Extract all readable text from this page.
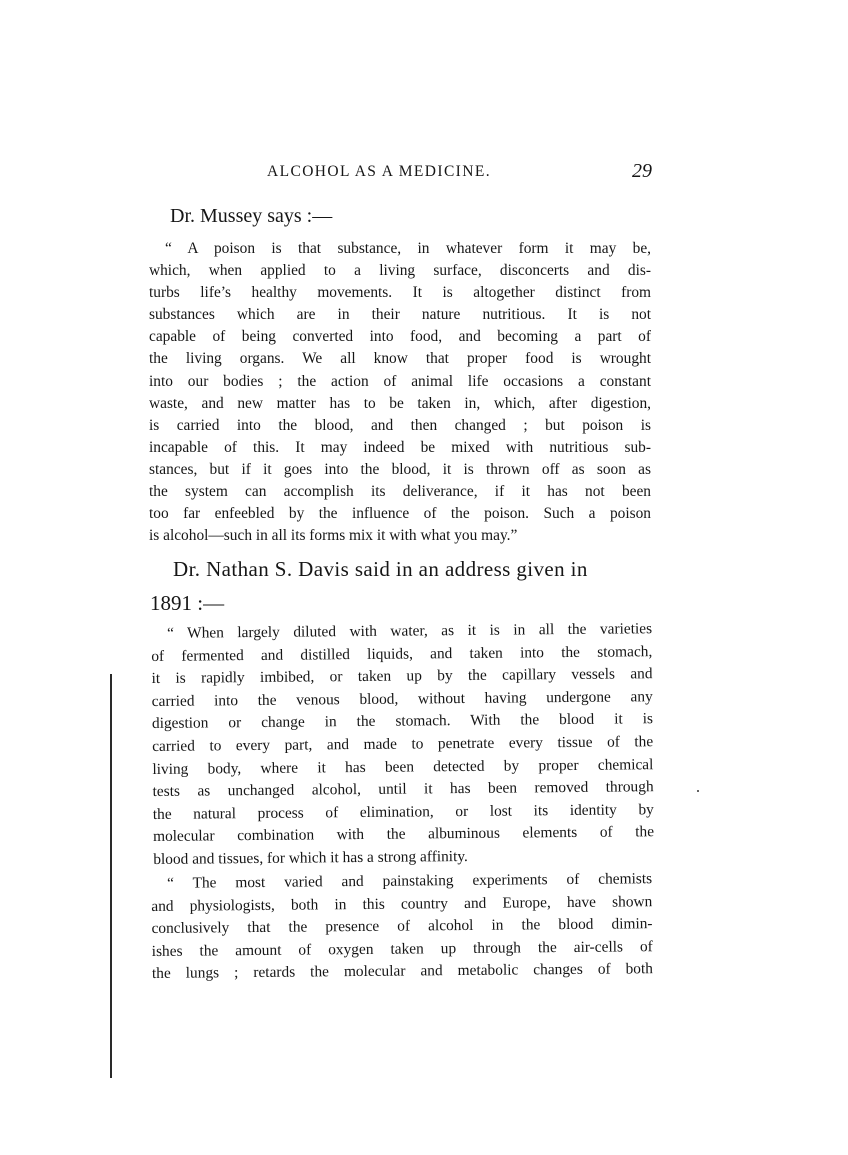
ALCOHOL AS A MEDICINE.	29
Dr. Mussey says :—

“ A poison is that substance, in whatever form it may be,
which, when applied to a living surface, disconcerts and dis-
turbs life’s healthy movements. It is altogether distinct from
substances which are in their nature nutritious. It is not
capable of being converted into food, and becoming a part of
the living organs. We all know that proper food is wrought
into our bodies ; the action of animal life occasions a constant
waste, and new matter has to be taken in, which, after digestion,
is carried into the blood, and then changed ; but poison is
incapable of this. It may indeed be mixed with nutritious sub-
stances, but if it goes into the blood, it is thrown off as soon as
the system can accomplish its deliverance, if it has not been
too far enfeebled by the influence of the poison. Such a poison
is alcohol—such in all its forms mix it with what you may.”

Dr. Nathan S. Davis said in an address given in
1891 :—

“ When largely diluted with water, as it is in all the varieties
of fermented and distilled liquids, and taken into the stomach,
it is rapidly imbibed, or taken up by the capillary vessels and
carried into the venous blood, without having undergone any
digestion or change in the stomach. With the blood it is
carried to every part, and made to penetrate every tissue of the
living body, where it has been detected by proper chemical
tests as unchanged alcohol, until it has been removed through
the natural process of elimination, or lost its identity by
molecular combination with the albuminous elements of the
blood and tissues, for which it has a strong affinity.

“ The most varied and painstaking experiments of chemists
and physiologists, both in this country and Europe, have shown
conclusively that the presence of alcohol in the blood dimin-
ishes the amount of oxygen taken up through the air-cells of
the lungs ; retards the molecular and metabolic changes of both
